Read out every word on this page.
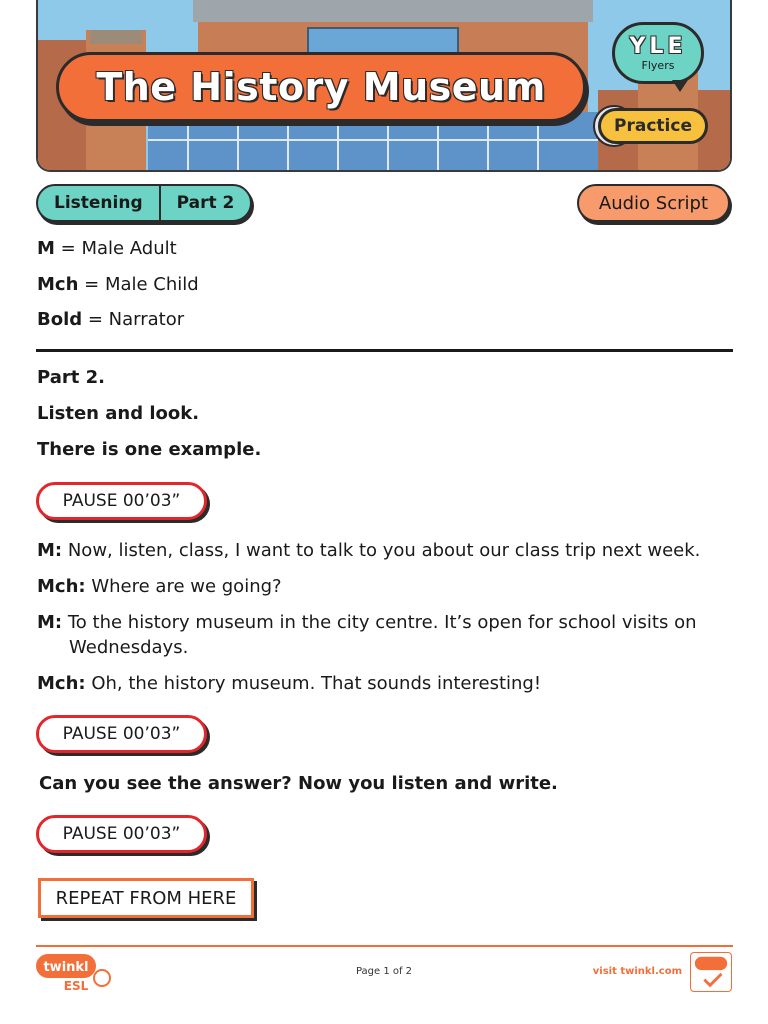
The History Museum
YLE
Flyers
Practice
Listening	Part 2	Audio Script
M = Male Adult
Mch = Male Child
Bold = Narrator
Part 2.
Listen and look.
There is one example.
PAUSE 00’03”
M: Now, listen, class, I want to talk to you about our class trip next week.
Mch: Where are we going?
M: To the history museum in the city centre. It’s open for school visits on
Wednesdays.
Mch: Oh, the history museum. That sounds interesting!
PAUSE 00’03”
Can you see the answer? Now you listen and write.
PAUSE 00’03”
REPEAT FROM HERE
twinkl
ESL
Page 1 of 2	visit twinkl.com
